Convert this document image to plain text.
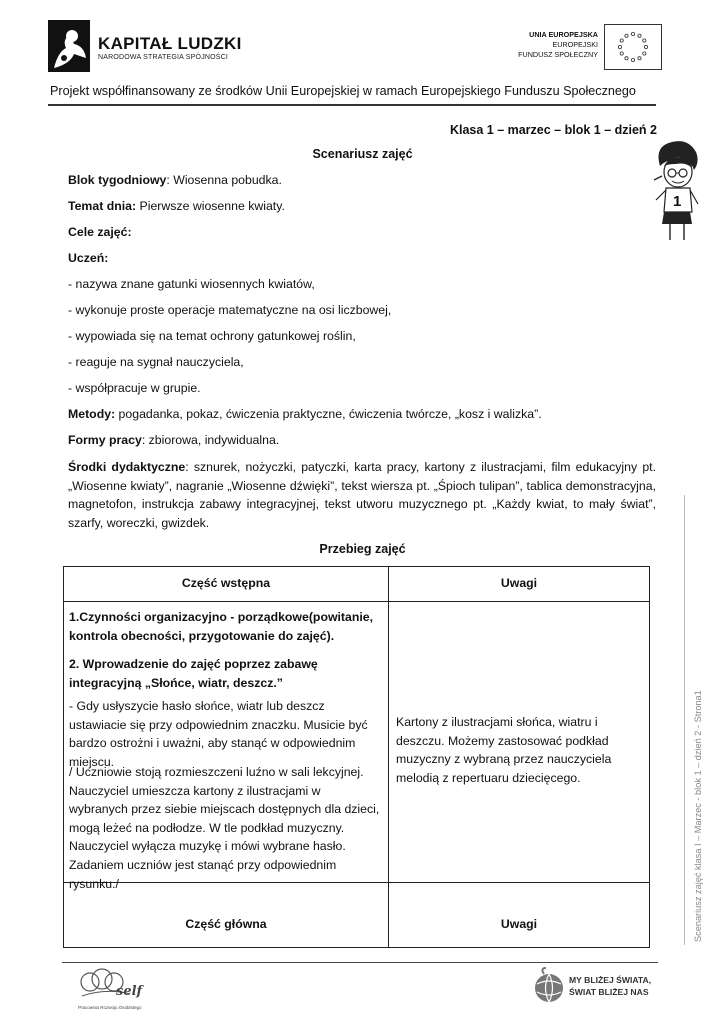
KAPITAŁ LUDZKI
NARODOWA STRATEGIA SPÓJNOŚCI
UNIA EUROPEJSKA
EUROPEJSKI
FUNDUSZ SPOŁECZNY
Projekt współfinansowany ze środków Unii Europejskiej w ramach Europejskiego Funduszu Społecznego
1
Klasa 1 – marzec – blok 1 – dzień 2
Scenariusz zajęć
Blok tygodniowy: Wiosenna pobudka.
Temat dnia: Pierwsze wiosenne kwiaty.
Cele zajęć:
Uczeń:
- nazywa znane gatunki wiosennych kwiatów,
- wykonuje proste operacje matematyczne na osi liczbowej,
- wypowiada się na temat ochrony gatunkowej roślin,
- reaguje na sygnał nauczyciela,
- współpracuje w grupie.
Metody: pogadanka, pokaz, ćwiczenia praktyczne, ćwiczenia twórcze, „kosz i walizka”.
Formy pracy: zbiorowa, indywidualna.
Środki dydaktyczne: sznurek, nożyczki, patyczki, karta pracy, kartony z ilustracjami, film edukacyjny pt. „Wiosenne kwiaty”, nagranie „Wiosenne dźwięki”, tekst wiersza pt. „Śpioch tulipan”, tablica demonstracyjna, magnetofon, instrukcja zabawy integracyjnej, tekst utworu muzycznego pt. „Każdy kwiat, to mały świat”, szarfy, woreczki, gwizdek.
Przebieg zajęć
Część wstępna	Uwagi
1.Czynności organizacyjno - porządkowe(powitanie, kontrola obecności, przygotowanie do zajęć).
2. Wprowadzenie do zajęć poprzez zabawę integracyjną „Słońce, wiatr, deszcz.”
- Gdy usłyszycie hasło słońce, wiatr lub deszcz ustawiacie się przy odpowiednim znaczku. Musicie być bardzo ostrożni i uważni, aby stanąć w odpowiednim miejscu.
/ Uczniowie stoją rozmieszczeni luźno w sali lekcyjnej. Nauczyciel umieszcza kartony z ilustracjami w wybranych przez siebie miejscach dostępnych dla dzieci, mogą leżeć na podłodze. W tle podkład muzyczny. Nauczyciel wyłącza muzykę i mówi wybrane hasło. Zadaniem uczniów jest stanąć przy odpowiednim rysunku./
Kartony z ilustracjami słońca, wiatru i deszczu. Możemy zastosować podkład muzyczny z wybraną przez nauczyciela melodią z repertuaru dziecięcego.
Część główna	Uwagi	Scenariusz zajęć klasa I – Marzec - blok 1 – dzień 2 - Strona1
self
Pracownia Rozwoju Osobistego
MY BLIŻEJ ŚWIATA,
ŚWIAT BLIŻEJ NAS
